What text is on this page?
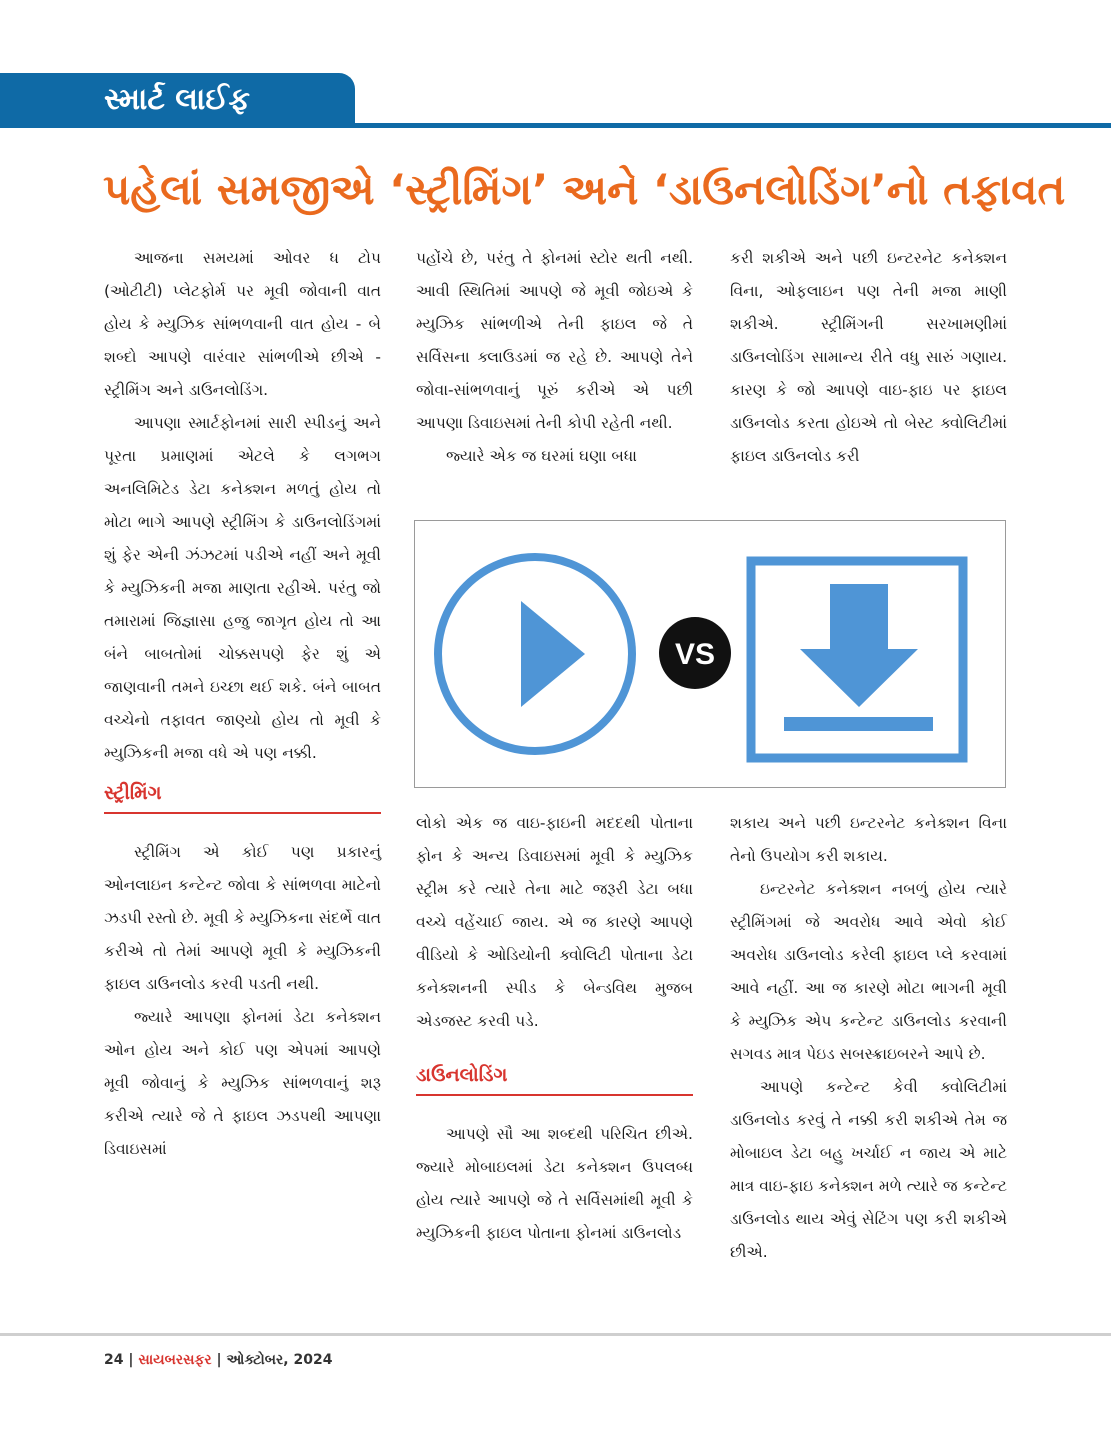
સ્માર્ટ લાઈફ
પહેલાં સમજીએ ‘સ્ટ્રીમિંગ’ અને ‘ડાઉનલોડિંગ’નો તફાવત

આજના સમયમાં ઓવર ધ ટોપ (ઓટીટી) પ્લેટફોર્મ પર મૂવી જોવાની વાત હોય કે મ્યુઝિક સાંભળવાની વાત હોય - બે શબ્દો આપણે વારંવાર સાંભળીએ છીએ - સ્ટ્રીમિંગ અને ડાઉનલોડિંગ.

આપણા સ્માર્ટફોનમાં સારી સ્પીડનું અને પૂરતા પ્રમાણમાં એટલે કે લગભગ અનલિમિટેડ ડેટા કનેક્શન મળતું હોય તો મોટા ભાગે આપણે સ્ટ્રીમિંગ કે ડાઉનલોડિંગમાં શું ફેર એની ઝંઝટમાં પડીએ નહીં અને મૂવી કે મ્યુઝિકની મજા માણતા રહીએ. પરંતુ જો તમારામાં જિજ્ઞાસા હજુ જાગૃત હોય તો આ બંને બાબતોમાં ચોક્કસપણે ફેર શું એ જાણવાની તમને ઇચ્છા થઈ શકે. બંને બાબત વચ્ચેનો તફાવત જાણ્યો હોય તો મૂવી કે મ્યુઝિકની મજા વધે એ પણ નક્કી.

સ્ટ્રીમિંગ

સ્ટ્રીમિંગ એ કોઈ પણ પ્રકારનું ઓનલાઇન કન્ટેન્ટ જોવા કે સાંભળવા માટેનો ઝડપી રસ્તો છે. મૂવી કે મ્યુઝિકના સંદર્ભે વાત કરીએ તો તેમાં આપણે મૂવી કે મ્યુઝિકની ફાઇલ ડાઉનલોડ કરવી પડતી નથી.

જ્યારે આપણા ફોનમાં ડેટા કનેક્શન ઓન હોય અને કોઈ પણ એપમાં આપણે મૂવી જોવાનું કે મ્યુઝિક સાંભળવાનું શરૂ કરીએ ત્યારે જે તે ફાઇલ ઝડપથી આપણા ડિવાઇસમાં

પહોંચે છે, પરંતુ તે ફોનમાં સ્ટોર થતી નથી. આવી સ્થિતિમાં આપણે જે મૂવી જોઇએ કે મ્યુઝિક સાંભળીએ તેની ફાઇલ જે તે સર્વિસના ક્લાઉડમાં જ રહે છે. આપણે તેને જોવા-સાંભળવાનું પૂરું કરીએ એ પછી આપણા ડિવાઇસમાં તેની કોપી રહેતી નથી.

જ્યારે એક જ ઘરમાં ઘણા બધા

કરી શકીએ અને પછી ઇન્ટરનેટ કનેક્શન વિના, ઓફલાઇન પણ તેની મજા માણી શકીએ. સ્ટ્રીમિંગની સરખામણીમાં ડાઉનલોડિંગ સામાન્ય રીતે વધુ સારું ગણાય. કારણ કે જો આપણે વાઇ-ફાઇ પર ફાઇલ ડાઉનલોડ કરતા હોઇએ તો બેસ્ટ ક્વોલિટીમાં ફાઇલ ડાઉનલોડ કરી

VS

લોકો એક જ વાઇ-ફાઇની મદદથી પોતાના ફોન કે અન્ય ડિવાઇસમાં મૂવી કે મ્યુઝિક સ્ટ્રીમ કરે ત્યારે તેના માટે જરૂરી ડેટા બધા વચ્ચે વહેંચાઈ જાય. એ જ કારણે આપણે વીડિયો કે ઓડિયોની ક્વોલિટી પોતાના ડેટા કનેક્શનની સ્પીડ કે બેન્ડવિથ મુજબ એડજસ્ટ કરવી પડે.

ડાઉનલોડિંગ

આપણે સૌ આ શબ્દથી પરિચિત છીએ. જ્યારે મોબાઇલમાં ડેટા કનેક્શન ઉપલબ્ધ હોય ત્યારે આપણે જે તે સર્વિસમાંથી મૂવી કે મ્યુઝિકની ફાઇલ પોતાના ફોનમાં ડાઉનલોડ

શકાય અને પછી ઇન્ટરનેટ કનેક્શન વિના તેનો ઉપયોગ કરી શકાય.

ઇન્ટરનેટ કનેક્શન નબળું હોય ત્યારે સ્ટ્રીમિંગમાં જે અવરોધ આવે એવો કોઈ અવરોધ ડાઉનલોડ કરેલી ફાઇલ પ્લે કરવામાં આવે નહીં. આ જ કારણે મોટા ભાગની મૂવી કે મ્યુઝિક એપ કન્ટેન્ટ ડાઉનલોડ કરવાની સગવડ માત્ર પેઇડ સબસ્ક્રાઇબરને આપે છે.

આપણે કન્ટેન્ટ કેવી ક્વોલિટીમાં ડાઉનલોડ કરવું તે નક્કી કરી શકીએ તેમ જ મોબાઇલ ડેટા બહુ ખર્ચાઈ ન જાય એ માટે માત્ર વાઇ-ફાઇ કનેક્શન મળે ત્યારે જ કન્ટેન્ટ ડાઉનલોડ થાય એવું સેટિંગ પણ કરી શકીએ છીએ.

24 | સાયબરસફર | ઓક્ટોબર, 2024
